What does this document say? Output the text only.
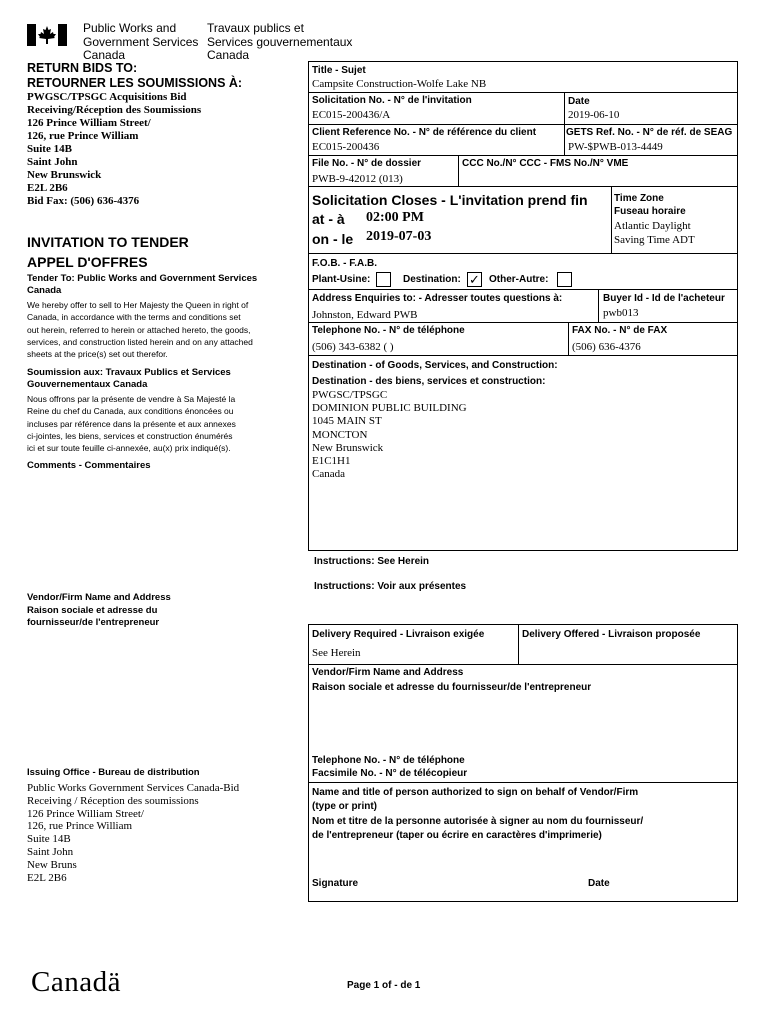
Public Works and
Government Services
Canada
Travaux publics et
Services gouvernementaux
Canada
RETURN BIDS TO:
RETOURNER LES SOUMISSIONS À:
PWGSC/TPSGC Acquisitions Bid
Receiving/Réception des Soumissions
126 Prince William Street/
126, rue Prince William
Suite 14B
Saint John
New Brunswick
E2L 2B6
Bid Fax: (506) 636-4376
INVITATION TO TENDER
APPEL D'OFFRES
Tender To: Public Works and Government Services
Canada
We hereby offer to sell to Her Majesty the Queen in right of
Canada, in accordance with the terms and conditions set
out herein, referred to herein or attached hereto, the goods,
services, and construction listed herein and on any attached
sheets at the price(s) set out therefor.
Soumission aux: Travaux Publics et Services
Gouvernementaux Canada
Nous offrons par la présente de vendre à Sa Majesté la
Reine du chef du Canada, aux conditions énoncées ou
incluses par référence dans la présente et aux annexes
ci-jointes, les biens, services et construction énumérés
ici et sur toute feuille ci-annexée, au(x) prix indiqué(s).
Comments - Commentaires
Vendor/Firm Name and Address
Raison sociale et adresse du
fournisseur/de l'entrepreneur
Issuing Office - Bureau de distribution
Public Works Government Services Canada-Bid
Receiving / Réception des soumissions
126 Prince William Street/
126, rue Prince William
Suite 14B
Saint John
New Bruns
E2L 2B6
Title - Sujet
Campsite Construction-Wolfe Lake NB
Solicitation No. - N° de l'invitation
EC015-200436/A
Date
2019-06-10
Client Reference No. - N° de référence du client
EC015-200436
GETS Ref. No. - N° de réf. de SEAG
PW-$PWB-013-4449
File No. - N° de dossier
PWB-9-42012 (013)
CCC No./N° CCC - FMS No./N° VME
Solicitation Closes - L'invitation prend fin
at - à 02:00 PM
on - le 2019-07-03
Time Zone
Fuseau horaire
Atlantic Daylight
Saving Time ADT
F.O.B. - F.A.B.
Plant-Usine:	Destination: ✓ Other-Autre:
Address Enquiries to: - Adresser toutes questions à:
Johnston, Edward PWB
Buyer Id - Id de l'acheteur
pwb013
Telephone No. - N° de téléphone
(506) 343-6382 ( )
FAX No. - N° de FAX
(506) 636-4376
Destination - of Goods, Services, and Construction:
Destination - des biens, services et construction:
PWGSC/TPSGC
DOMINION PUBLIC BUILDING
1045 MAIN ST
MONCTON
New Brunswick
E1C1H1
Canada
Instructions: See Herein
Instructions: Voir aux présentes
Delivery Required - Livraison exigée
See Herein
Delivery Offered - Livraison proposée
Vendor/Firm Name and Address
Raison sociale et adresse du fournisseur/de l'entrepreneur
Telephone No. - N° de téléphone
Facsimile No. - N° de télécopieur
Name and title of person authorized to sign on behalf of Vendor/Firm
(type or print)
Nom et titre de la personne autorisée à signer au nom du fournisseur/
de l'entrepreneur (taper ou écrire en caractères d'imprimerie)
Signature	Date
Canadä	Page 1 of - de 1
